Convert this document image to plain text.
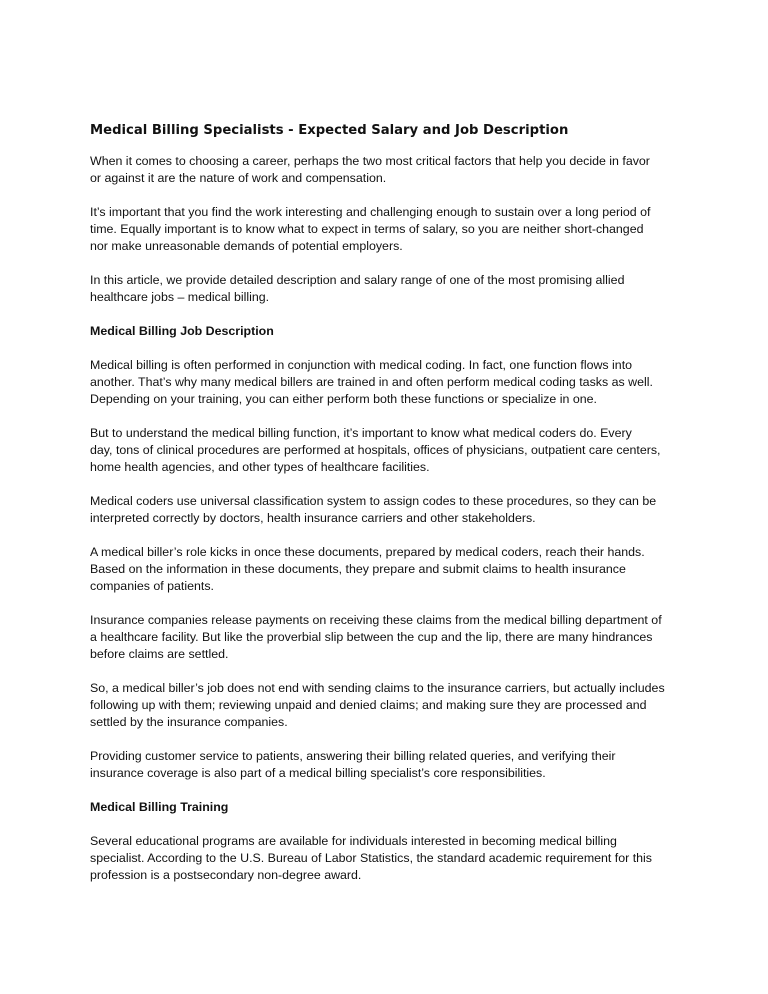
Medical Billing Specialists - Expected Salary and Job Description
When it comes to choosing a career, perhaps the two most critical factors that help you decide in favor
or against it are the nature of work and compensation.
It’s important that you find the work interesting and challenging enough to sustain over a long period of
time. Equally important is to know what to expect in terms of salary, so you are neither short-changed
nor make unreasonable demands of potential employers.
In this article, we provide detailed description and salary range of one of the most promising allied
healthcare jobs – medical billing.
Medical Billing Job Description
Medical billing is often performed in conjunction with medical coding. In fact, one function flows into
another. That’s why many medical billers are trained in and often perform medical coding tasks as well.
Depending on your training, you can either perform both these functions or specialize in one.
But to understand the medical billing function, it’s important to know what medical coders do. Every
day, tons of clinical procedures are performed at hospitals, offices of physicians, outpatient care centers,
home health agencies, and other types of healthcare facilities.
Medical coders use universal classification system to assign codes to these procedures, so they can be
interpreted correctly by doctors, health insurance carriers and other stakeholders.
A medical biller’s role kicks in once these documents, prepared by medical coders, reach their hands.
Based on the information in these documents, they prepare and submit claims to health insurance
companies of patients.
Insurance companies release payments on receiving these claims from the medical billing department of
a healthcare facility. But like the proverbial slip between the cup and the lip, there are many hindrances
before claims are settled.
So, a medical biller’s job does not end with sending claims to the insurance carriers, but actually includes
following up with them; reviewing unpaid and denied claims; and making sure they are processed and
settled by the insurance companies.
Providing customer service to patients, answering their billing related queries, and verifying their
insurance coverage is also part of a medical billing specialist’s core responsibilities.
Medical Billing Training
Several educational programs are available for individuals interested in becoming medical billing
specialist. According to the U.S. Bureau of Labor Statistics, the standard academic requirement for this
profession is a postsecondary non-degree award.
